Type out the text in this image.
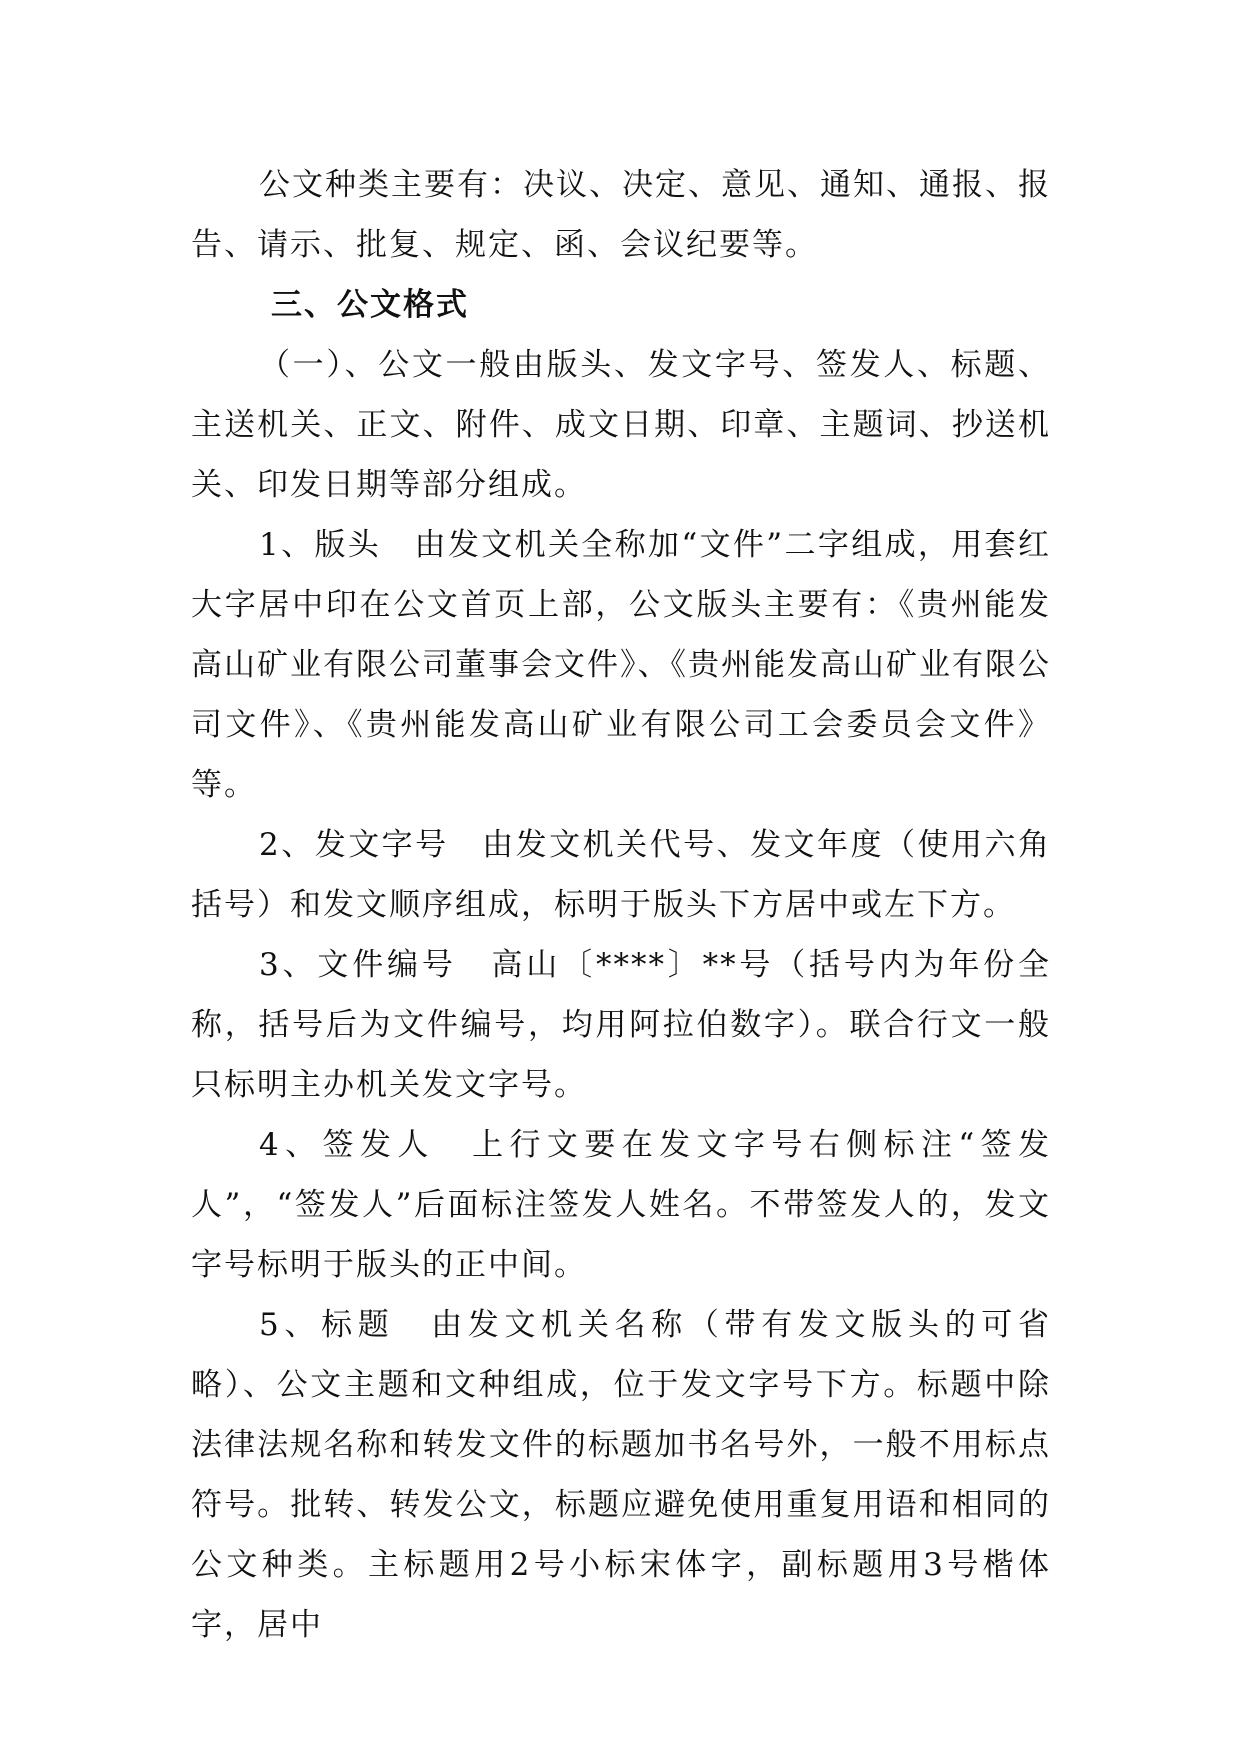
公文种类主要有：决议、决定、意见、通知、通报、报告、请示、批复、规定、函、会议纪要等。

三、公文格式

（一）、公文一般由版头、发文字号、签发人、标题、主送机关、正文、附件、成文日期、印章、主题词、抄送机关、印发日期等部分组成。

1、版头　由发文机关全称加“文件”二字组成，用套红大字居中印在公文首页上部，公文版头主要有：《贵州能发高山矿业有限公司董事会文件》、《贵州能发高山矿业有限公司文件》、《贵州能发高山矿业有限公司工会委员会文件》等。

2、发文字号　由发文机关代号、发文年度（使用六角括号）和发文顺序组成，标明于版头下方居中或左下方。

3、文件编号　高山〔****〕**号（括号内为年份全称，括号后为文件编号，均用阿拉伯数字）。联合行文一般只标明主办机关发文字号。

4、签发人　上行文要在发文字号右侧标注“签发人”，“签发人”后面标注签发人姓名。不带签发人的，发文字号标明于版头的正中间。

5、标题　由发文机关名称（带有发文版头的可省略）、公文主题和文种组成，位于发文字号下方。标题中除法律法规名称和转发文件的标题加书名号外，一般不用标点符号。批转、转发公文，标题应避免使用重复用语和相同的公文种类。主标题用2号小标宋体字，副标题用3号楷体字，居中
